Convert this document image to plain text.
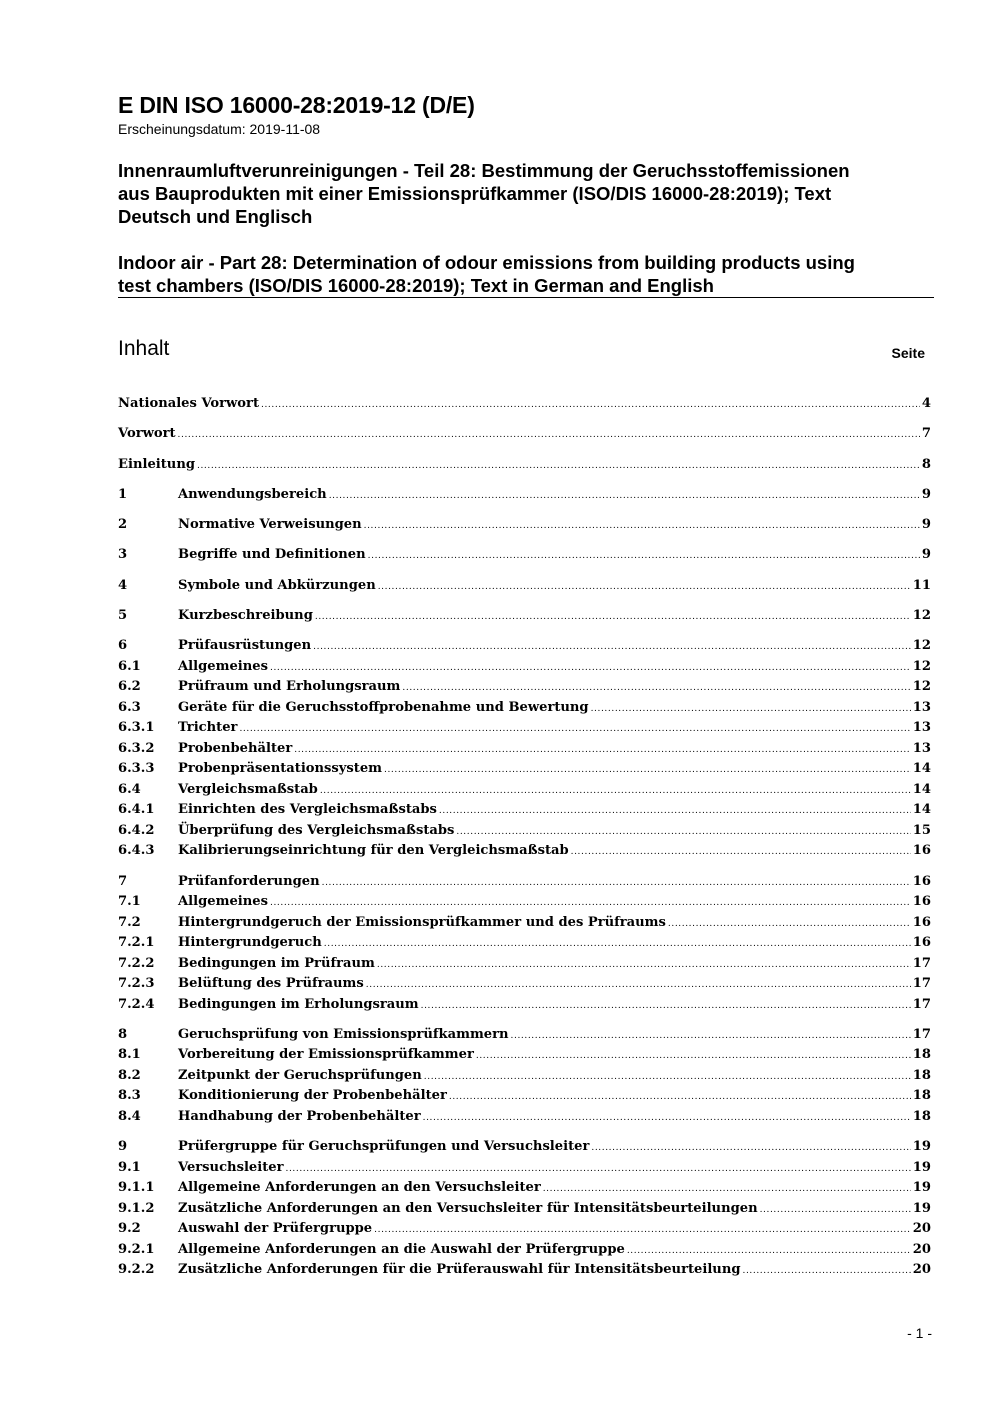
E DIN ISO 16000-28:2019-12 (D/E)
Erscheinungsdatum: 2019-11-08
Innenraumluftverunreinigungen - Teil 28: Bestimmung der Geruchsstoffemissionen
aus Bauprodukten mit einer Emissionsprüfkammer (ISO/DIS 16000-28:2019); Text
Deutsch und Englisch
Indoor air - Part 28: Determination of odour emissions from building products using
test chambers (ISO/DIS 16000-28:2019); Text in German and English
Inhalt	Seite
Nationales Vorwort .....	4
Vorwort .....	7
Einleitung .....	8
1	Anwendungsbereich .....	9
2	Normative Verweisungen .....	9
3	Begriffe und Definitionen .....	9
4	Symbole und Abkürzungen .....	11
5	Kurzbeschreibung .....	12
6	Prüfausrüstungen .....	12
6.1	Allgemeines .....	12
6.2	Prüfraum und Erholungsraum .....	12
6.3	Geräte für die Geruchsstoffprobenahme und Bewertung .....	13
6.3.1	Trichter .....	13
6.3.2	Probenbehälter .....	13
6.3.3	Probenpräsentationssystem .....	14
6.4	Vergleichsmaßstab .....	14
6.4.1	Einrichten des Vergleichsmaßstabs .....	14
6.4.2	Überprüfung des Vergleichsmaßstabs .....	15
6.4.3	Kalibrierungseinrichtung für den Vergleichsmaßstab .....	16
7	Prüfanforderungen .....	16
7.1	Allgemeines .....	16
7.2	Hintergrundgeruch der Emissionsprüfkammer und des Prüfraums .....	16
7.2.1	Hintergrundgeruch .....	16
7.2.2	Bedingungen im Prüfraum .....	17
7.2.3	Belüftung des Prüfraums .....	17
7.2.4	Bedingungen im Erholungsraum .....	17
8	Geruchsprüfung von Emissionsprüfkammern .....	17
8.1	Vorbereitung der Emissionsprüfkammer .....	18
8.2	Zeitpunkt der Geruchsprüfungen .....	18
8.3	Konditionierung der Probenbehälter .....	18
8.4	Handhabung der Probenbehälter .....	18
9	Prüfergruppe für Geruchsprüfungen und Versuchsleiter .....	19
9.1	Versuchsleiter .....	19
9.1.1	Allgemeine Anforderungen an den Versuchsleiter .....	19
9.1.2	Zusätzliche Anforderungen an den Versuchsleiter für Intensitätsbeurteilungen .....	19
9.2	Auswahl der Prüfergruppe .....	20
9.2.1	Allgemeine Anforderungen an die Auswahl der Prüfergruppe .....	20
9.2.2	Zusätzliche Anforderungen für die Prüferauswahl für Intensitätsbeurteilung .....	20
- 1 -
